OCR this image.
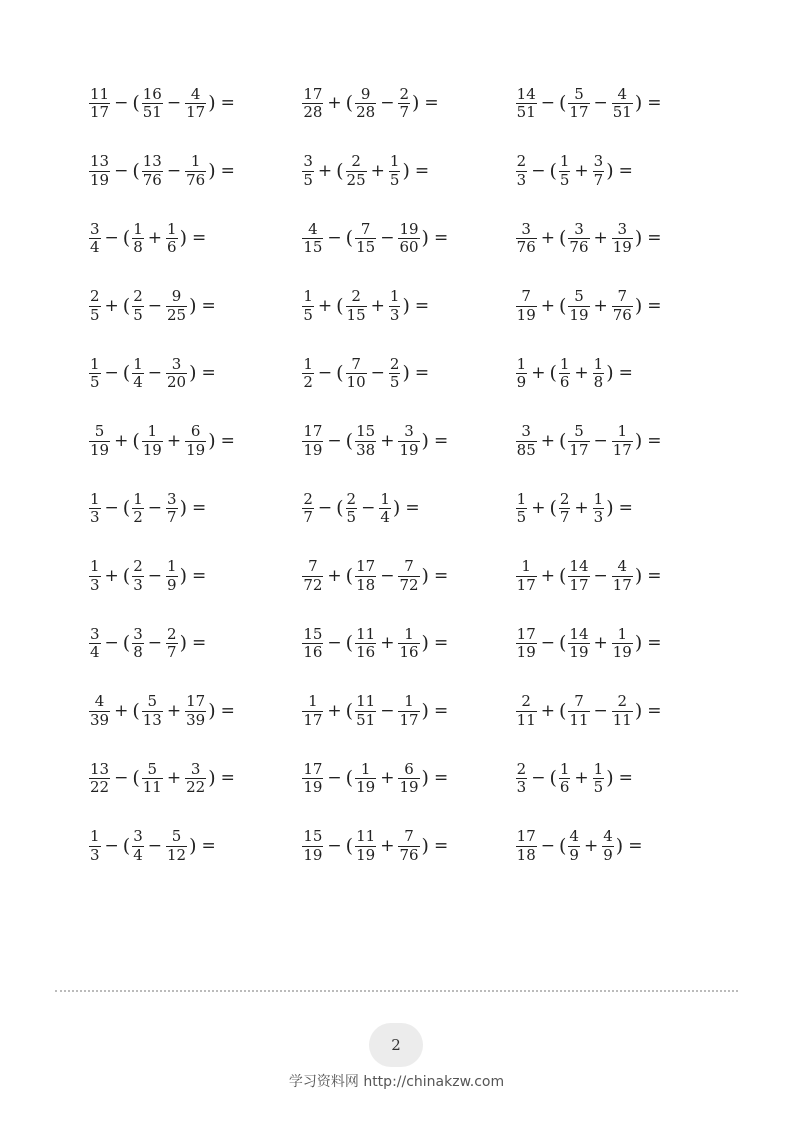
$\frac{11}{17}$ − ( $\frac{16}{51} - \frac{4}{17}$ ) =	$\frac{17}{28}$ + ( $\frac{9}{28} - \frac{2}{7}$ ) =	$\frac{14}{51}$ − ( $\frac{5}{17} - \frac{4}{51}$ ) =
$\frac{13}{19}$ − ( $\frac{13}{76} - \frac{1}{76}$ ) =	$\frac{3}{5}$ + ( $\frac{2}{25} + \frac{1}{5}$ ) =	$\frac{2}{3}$ − ( $\frac{1}{5} + \frac{3}{7}$ ) =
$\frac{3}{4}$ − ( $\frac{1}{8} + \frac{1}{6}$ ) =	$\frac{4}{15}$ − ( $\frac{7}{15} - \frac{19}{60}$ ) =	$\frac{3}{76}$ + ( $\frac{3}{76} + \frac{3}{19}$ ) =
$\frac{2}{5}$ + ( $\frac{2}{5} - \frac{9}{25}$ ) =	$\frac{1}{5}$ + ( $\frac{2}{15} + \frac{1}{3}$ ) =	$\frac{7}{19}$ + ( $\frac{5}{19} + \frac{7}{76}$ ) =
$\frac{1}{5}$ − ( $\frac{1}{4} - \frac{3}{20}$ ) =	$\frac{1}{2}$ − ( $\frac{7}{10} - \frac{2}{5}$ ) =	$\frac{1}{9}$ + ( $\frac{1}{6} + \frac{1}{8}$ ) =
$\frac{5}{19}$ + ( $\frac{1}{19} + \frac{6}{19}$ ) =	$\frac{17}{19}$ − ( $\frac{15}{38} + \frac{3}{19}$ ) =	$\frac{3}{85}$ + ( $\frac{5}{17} - \frac{1}{17}$ ) =
$\frac{1}{3}$ − ( $\frac{1}{2} - \frac{3}{7}$ ) =	$\frac{2}{7}$ − ( $\frac{2}{5} - \frac{1}{4}$ ) =	$\frac{1}{5}$ + ( $\frac{2}{7} + \frac{1}{3}$ ) =
$\frac{1}{3}$ + ( $\frac{2}{3} - \frac{1}{9}$ ) =	$\frac{7}{72}$ + ( $\frac{17}{18} - \frac{7}{72}$ ) =	$\frac{1}{17}$ + ( $\frac{14}{17} - \frac{4}{17}$ ) =
$\frac{3}{4}$ − ( $\frac{3}{8} - \frac{2}{7}$ ) =	$\frac{15}{16}$ − ( $\frac{11}{16} + \frac{1}{16}$ ) =	$\frac{17}{19}$ − ( $\frac{14}{19} + \frac{1}{19}$ ) =
$\frac{4}{39}$ + ( $\frac{5}{13} + \frac{17}{39}$ ) =	$\frac{1}{17}$ + ( $\frac{11}{51} - \frac{1}{17}$ ) =	$\frac{2}{11}$ + ( $\frac{7}{11} - \frac{2}{11}$ ) =
$\frac{13}{22}$ − ( $\frac{5}{11} + \frac{3}{22}$ ) =	$\frac{17}{19}$ − ( $\frac{1}{19} + \frac{6}{19}$ ) =	$\frac{2}{3}$ − ( $\frac{1}{6} + \frac{1}{5}$ ) =
$\frac{1}{3}$ − ( $\frac{3}{4} - \frac{5}{12}$ ) =	$\frac{15}{19}$ − ( $\frac{11}{19} + \frac{7}{76}$ ) =	$\frac{17}{18}$ − ( $\frac{4}{9} + \frac{4}{9}$ ) =
2
学习资料网 http://chinakzw.com
